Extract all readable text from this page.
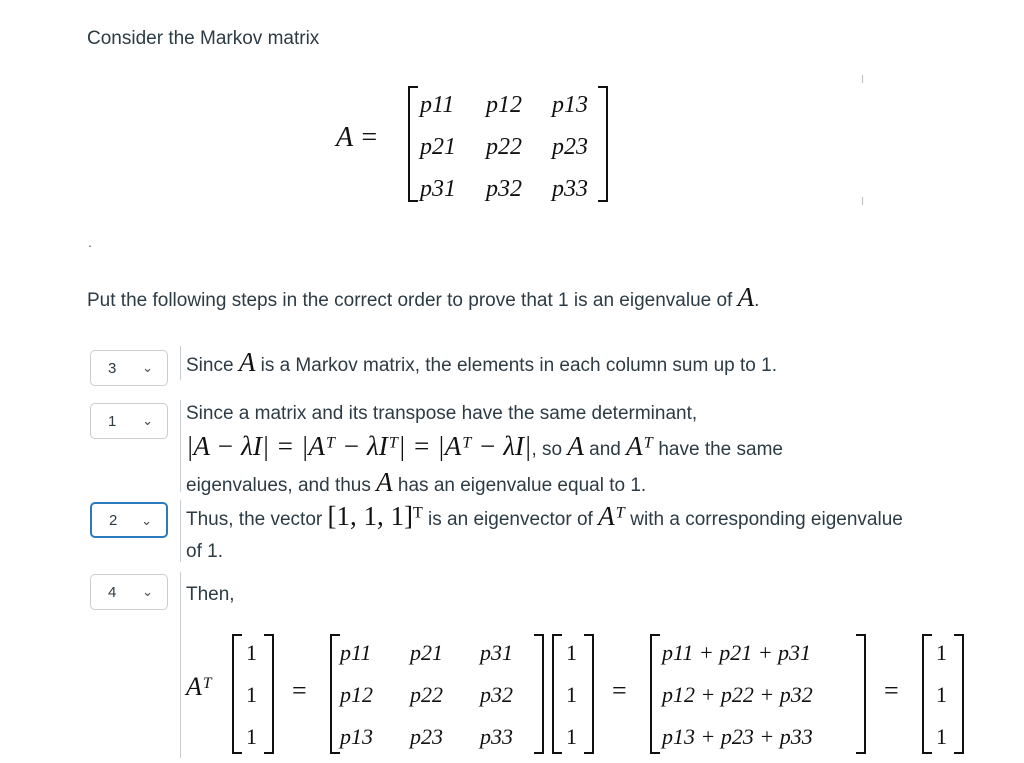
Consider the Markov matrix
A =
p11	p12	p13
p21	p22	p23
p31	p32	p33
.
Put the following steps in the correct order to prove that 1 is an eigenvalue of A.
3	⌄ Since A is a Markov matrix, the elements in each column sum up to 1.
1	⌄ Since a matrix and its transpose have the same determinant,
|A − λI| = |Aᵀ − λIᵀ| = |Aᵀ − λI|, so A and Aᵀ have the same
eigenvalues, and thus A has an eigenvalue equal to 1.
2	⌄ Thus, the vector [1, 1, 1]ᵀ is an eigenvector of Aᵀ with a corresponding eigenvalue
of 1.
4	⌄ Then,
Aᵀ
1
1
1
=
p11	p21	p31
p12	p22	p32
p13	p23	p33
1
1
1
=
p11 + p21 + p31
p12 + p22 + p32
p13 + p23 + p33
=
1
1
1
